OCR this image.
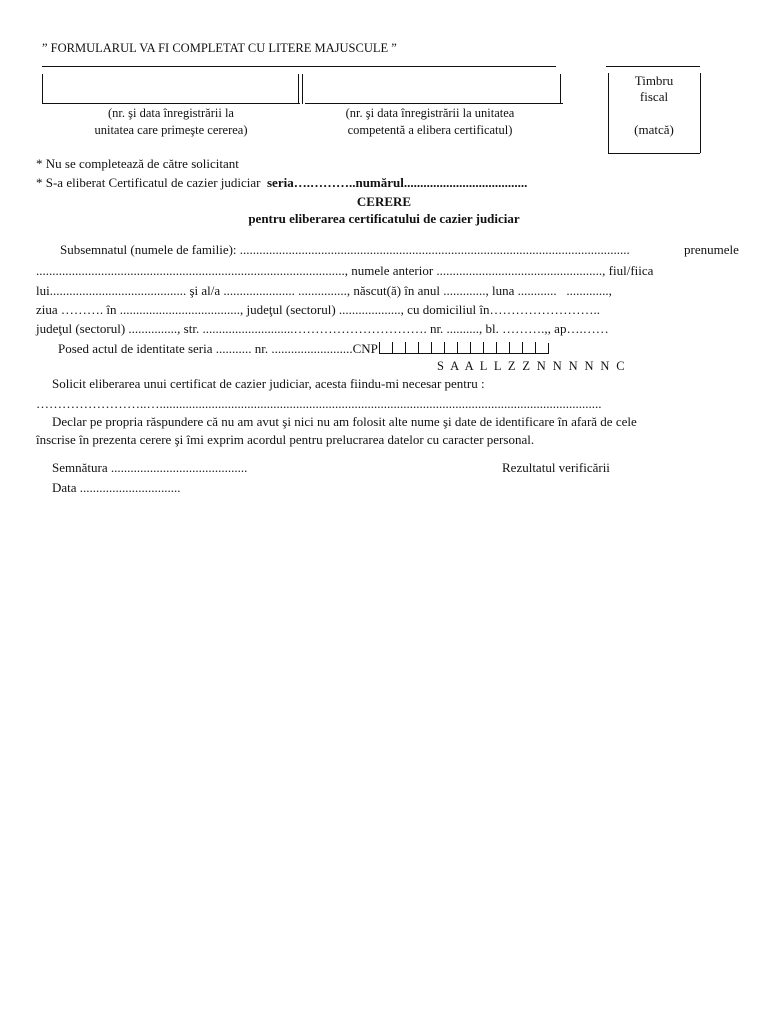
” FORMULARUL VA FI COMPLETAT CU LITERE MAJUSCULE ”
(nr. şi data înregistrării la
unitatea care primeşte cererea)
(nr. şi data înregistrării la unitatea
competentă a elibera certificatul)
Timbru
fiscal
(matcă)
* Nu se completează de către solicitant
* S-a eliberat Certificatul de cazier judiciar seria….………..numărul......................................
CERERE
pentru eliberarea certificatului de cazier judiciar
Subsemnatul (numele de familie): ........................................................................................................................	prenumele
..............................................................................................., numele anterior ..................................................., fiul/fiica
lui.......................................... şi al/a ...................... ..............., născut(ă) în anul ............., luna ............   .............,
ziua ………. în ....................................., judeţul (sectorul) ..................., cu domiciliul în……………………..
judeţul (sectorul) ..............., str. ............................…………………………. nr. .........., bl. ……….,, ap….……
Posed actul de identitate seria ........... nr. .........................CNP
S  A  A  L  L  Z  Z  N  N  N  N  N  C
Solicit eliberarea unui certificat de cazier judiciar, acesta fiindu-mi necesar pentru :
……………………..…........................................................................................................................................
Declar pe propria răspundere că nu am avut şi nici nu am folosit alte nume şi date de identificare în afară de cele
înscrise în prezenta cerere şi îmi exprim acordul pentru prelucrarea datelor cu caracter personal.
Semnătura ..........................................	Rezultatul verificării
Data ...............................
